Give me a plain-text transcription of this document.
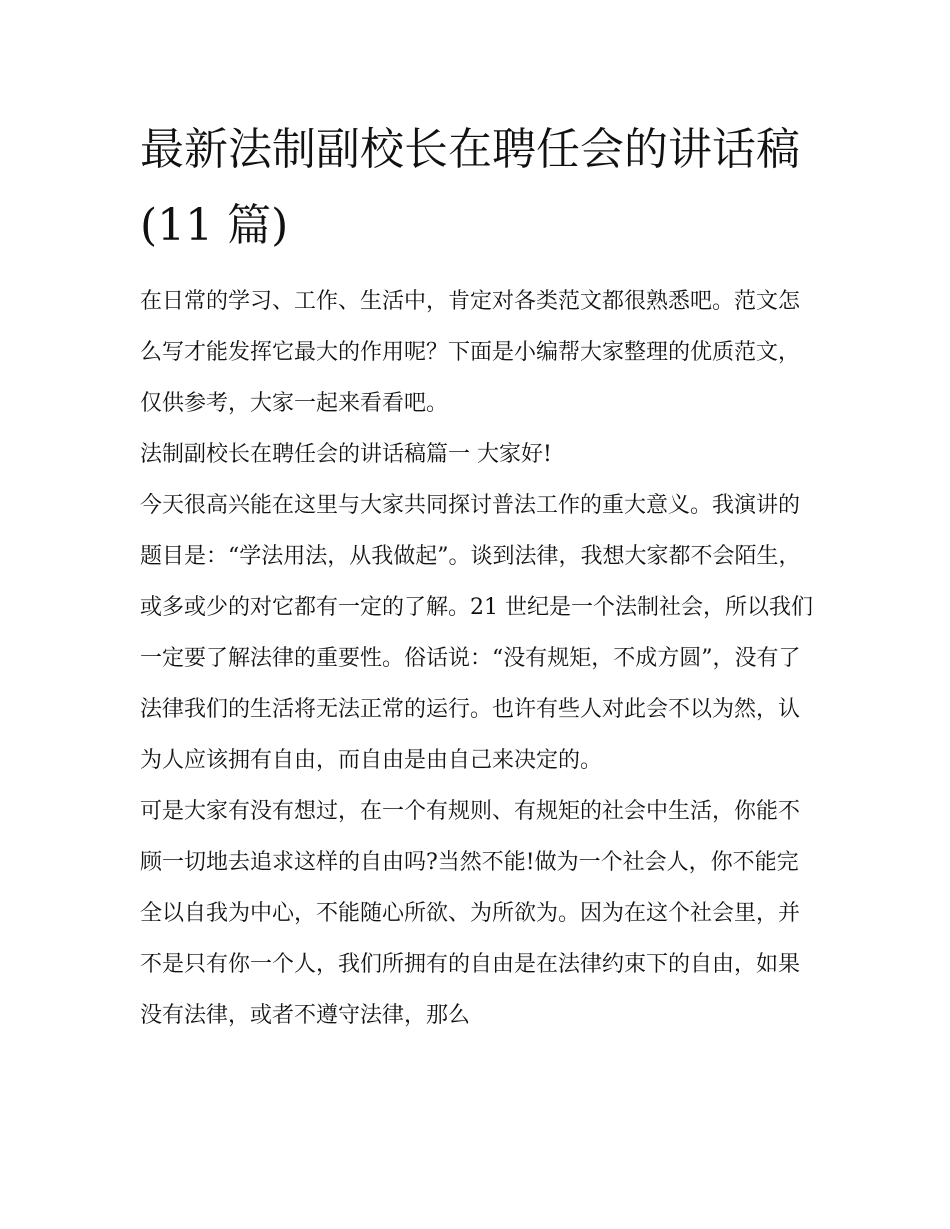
最新法制副校长在聘任会的讲话稿(11 篇)

在日常的学习、工作、生活中，肯定对各类范文都很熟悉吧。范文怎么写才能发挥它最大的作用呢？下面是小编帮大家整理的优质范文，仅供参考，大家一起来看看吧。

法制副校长在聘任会的讲话稿篇一 大家好!

今天很高兴能在这里与大家共同探讨普法工作的重大意义。我演讲的题目是：“学法用法，从我做起”。谈到法律，我想大家都不会陌生，或多或少的对它都有一定的了解。21 世纪是一个法制社会，所以我们一定要了解法律的重要性。俗话说：“没有规矩，不成方圆”，没有了法律我们的生活将无法正常的运行。也许有些人对此会不以为然，认为人应该拥有自由，而自由是由自己来决定的。

可是大家有没有想过，在一个有规则、有规矩的社会中生活，你能不顾一切地去追求这样的自由吗?当然不能!做为一个社会人，你不能完全以自我为中心，不能随心所欲、为所欲为。因为在这个社会里，并不是只有你一个人，我们所拥有的自由是在法律约束下的自由，如果没有法律，或者不遵守法律，那么
